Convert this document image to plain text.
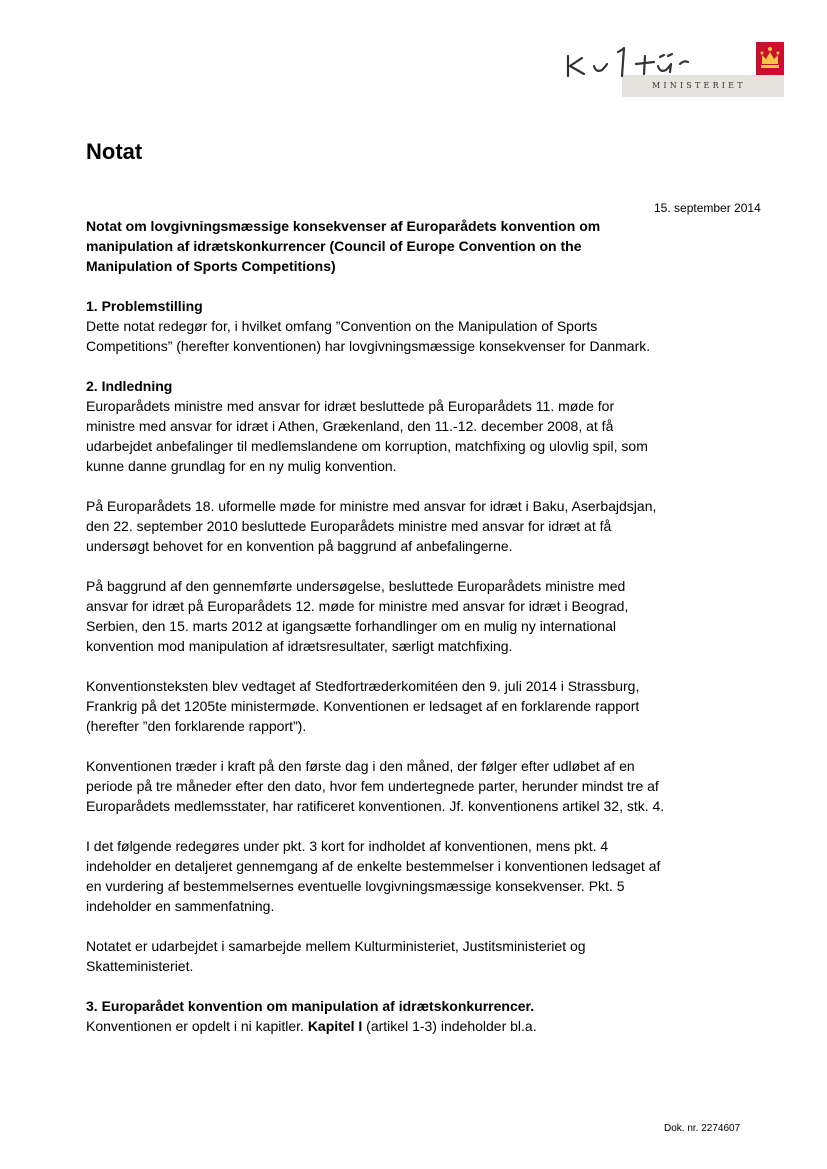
MINISTERIET
Notat
15. september 2014

Notat om lovgivningsmæssige konsekvenser af Europarådets konvention om manipulation af idrætskonkurrencer (Council of Europe Convention on the Manipulation of Sports Competitions)

1. Problemstilling

Dette notat redegør for, i hvilket omfang ”Convention on the Manipulation of Sports Competitions” (herefter konventionen) har lovgivningsmæssige konsekvenser for Danmark.

2. Indledning

Europarådets ministre med ansvar for idræt besluttede på Europarådets 11. møde for ministre med ansvar for idræt i Athen, Grækenland, den 11.-12. december 2008, at få udarbejdet anbefalinger til medlemslandene om korruption, matchfixing og ulovlig spil, som kunne danne grundlag for en ny mulig konvention.

På Europarådets 18. uformelle møde for ministre med ansvar for idræt i Baku, Aserbajdsjan, den 22. september 2010 besluttede Europarådets ministre med ansvar for idræt at få undersøgt behovet for en konvention på baggrund af anbefalingerne.

På baggrund af den gennemførte undersøgelse, besluttede Europarådets ministre med ansvar for idræt på Europarådets 12. møde for ministre med ansvar for idræt i Beograd, Serbien, den 15. marts 2012 at igangsætte forhandlinger om en mulig ny international konvention mod manipulation af idrætsresultater, særligt matchfixing.

Konventionsteksten blev vedtaget af Stedfortræderkomitéen den 9. juli 2014 i Strassburg, Frankrig på det 1205te ministermøde. Konventionen er ledsaget af en forklarende rapport (herefter ”den forklarende rapport”).

Konventionen træder i kraft på den første dag i den måned, der følger efter udløbet af en periode på tre måneder efter den dato, hvor fem undertegnede parter, herunder mindst tre af Europarådets medlemsstater, har ratificeret konventionen. Jf. konventionens artikel 32, stk. 4.

I det følgende redegøres under pkt. 3 kort for indholdet af konventionen, mens pkt. 4 indeholder en detaljeret gennemgang af de enkelte bestemmelser i konventionen ledsaget af en vurdering af bestemmelsernes eventuelle lovgivningsmæssige konsekvenser. Pkt. 5 indeholder en sammenfatning.

Notatet er udarbejdet i samarbejde mellem Kulturministeriet, Justitsministeriet og Skatteministeriet.

3. Europarådet konvention om manipulation af idrætskonkurrencer.

Konventionen er opdelt i ni kapitler. Kapitel I (artikel 1-3) indeholder bl.a.

Dok. nr. 2274607
